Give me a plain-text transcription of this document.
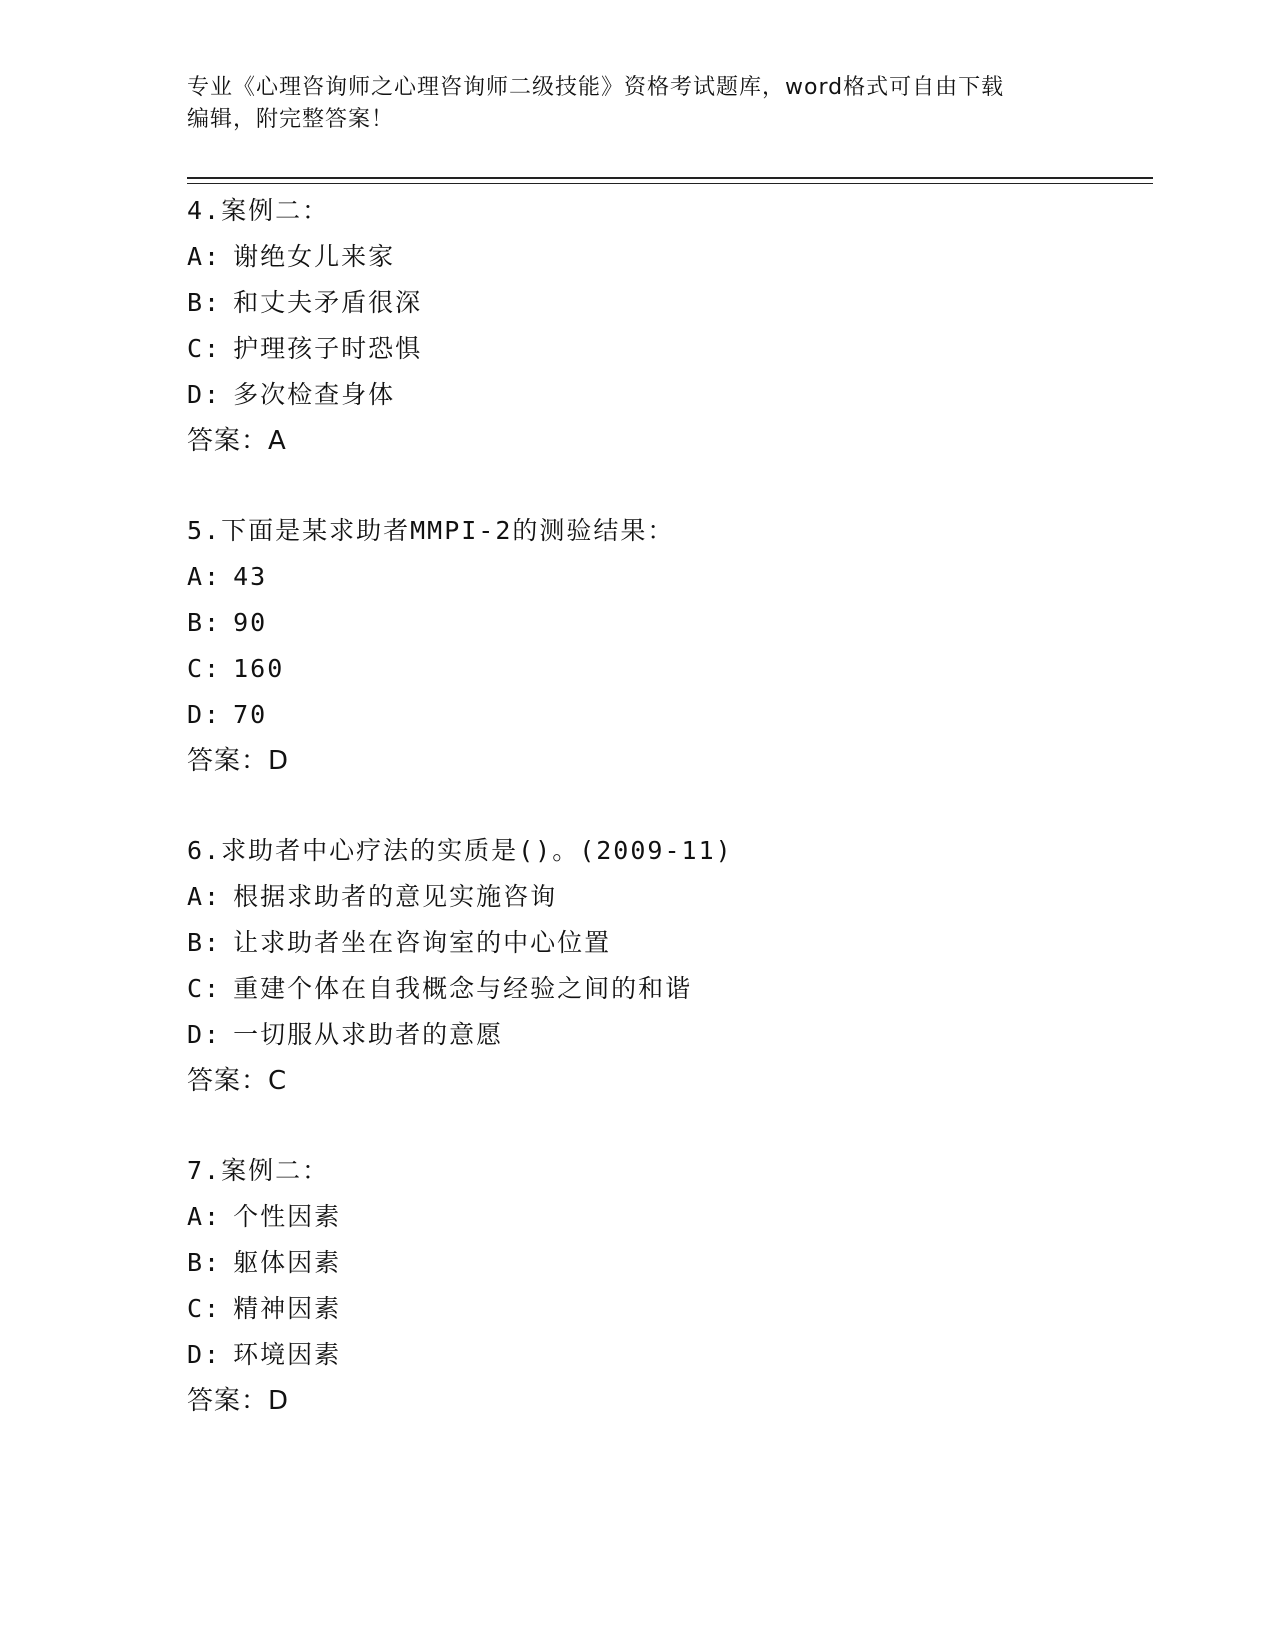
专业《心理咨询师之心理咨询师二级技能》资格考试题库，word格式可自由下载
编辑，附完整答案！
4.案例二：
A: 谢绝女儿来家
B: 和丈夫矛盾很深
C: 护理孩子时恐惧
D: 多次检查身体
答案：A
5.下面是某求助者MMPI-2的测验结果：
A: 43
B: 90
C: 160
D: 70
答案：D
6.求助者中心疗法的实质是()。(2009-11)
A: 根据求助者的意见实施咨询
B: 让求助者坐在咨询室的中心位置
C: 重建个体在自我概念与经验之间的和谐
D: 一切服从求助者的意愿
答案：C
7.案例二：
A: 个性因素
B: 躯体因素
C: 精神因素
D: 环境因素
答案：D
